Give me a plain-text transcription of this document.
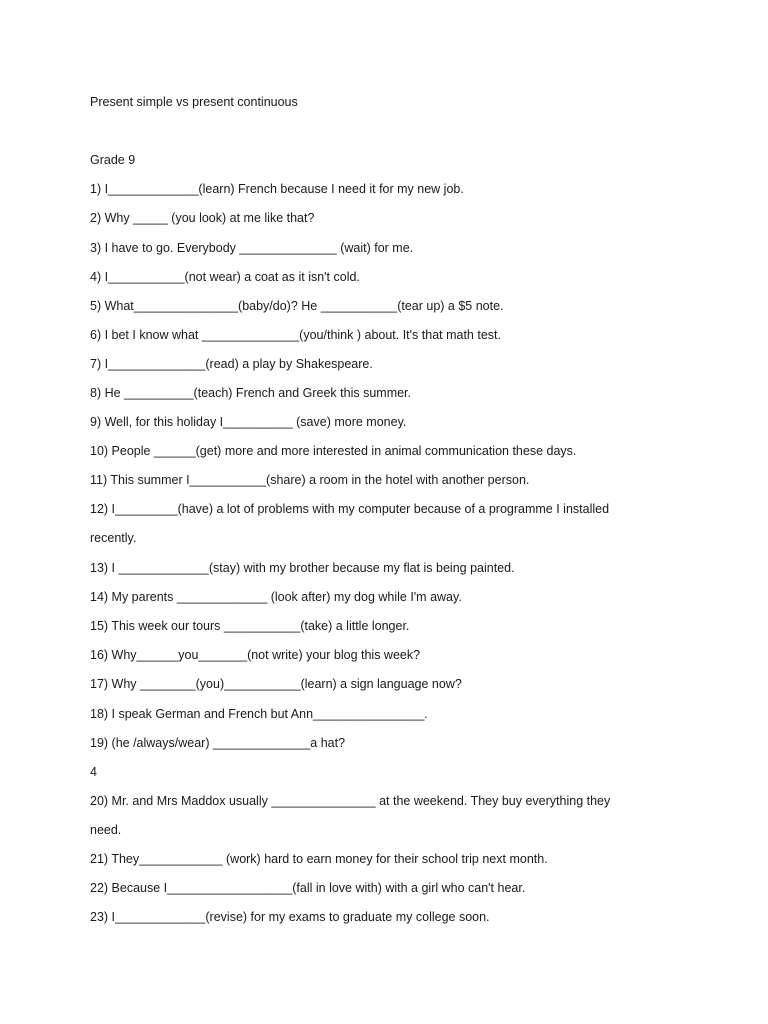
Present simple vs present continuous
Grade 9
1) I_____________(learn) French because I need it for my new job.
2) Why _____ (you look) at me like that?
3) I have to go. Everybody ______________ (wait) for me.
4) I___________(not wear) a coat as it isn't cold.
5) What_______________(baby/do)? He ___________(tear up) a $5 note.
6) I bet I know what ______________(you/think ) about. It's that math test.
7) I______________(read) a play by Shakespeare.
8) He __________(teach) French and Greek this summer.
9) Well, for this holiday I__________ (save) more money.
10) People ______(get) more and more interested in animal communication these days.
11) This summer I___________(share) a room in the hotel with another person.
12) I_________(have) a lot of problems with my computer because of a programme I installed
recently.
13) I _____________(stay) with my brother because my flat is being painted.
14) My parents _____________ (look after) my dog while I'm away.
15) This week our tours ___________(take) a little longer.
16) Why______you_______(not write) your blog this week?
17) Why ________(you)___________(learn) a sign language now?
18) I speak German and French but Ann________________.
19) (he /always/wear) ______________a hat?
4
20) Mr. and Mrs Maddox usually _______________ at the weekend. They buy everything they
need.
21) They____________ (work) hard to earn money for their school trip next month.
22) Because I__________________(fall in love with) with a girl who can't hear.
23) I_____________(revise) for my exams to graduate my college soon.
